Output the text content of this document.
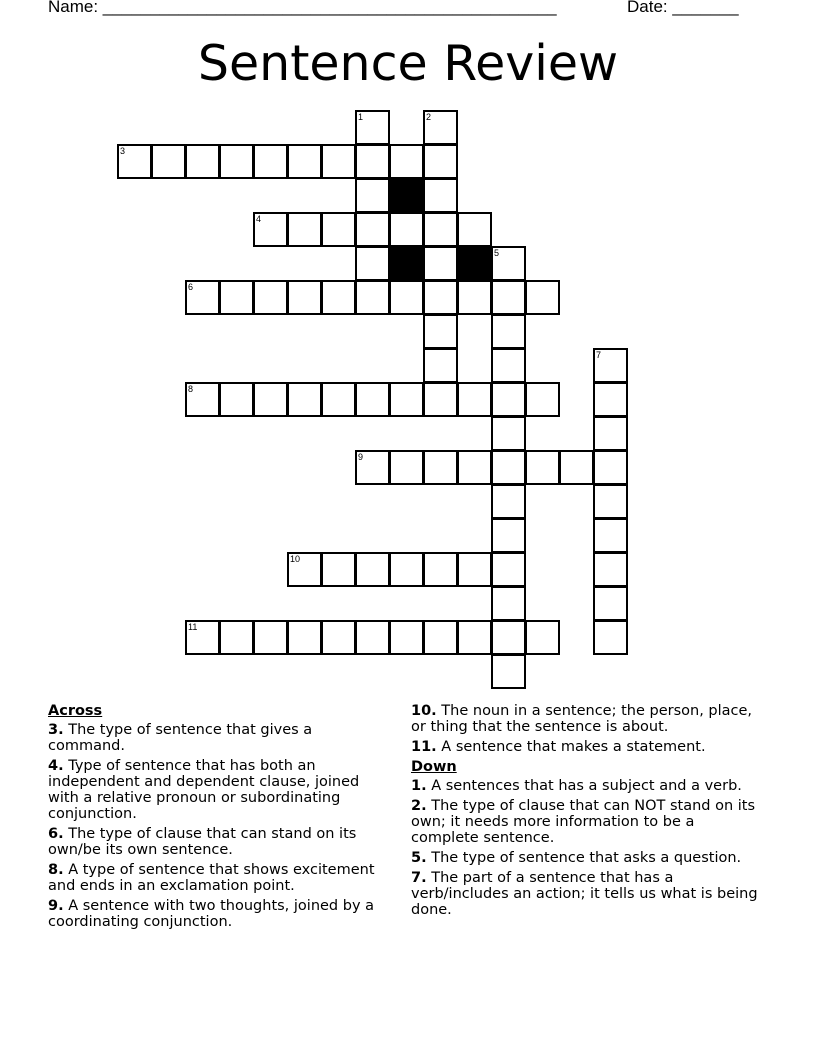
Name: ________________________________________________	Date: _______
Sentence Review
1	2
3
4
5
6
7
8
9
10
11
Across
3. The type of sentence that gives a command.
4. Type of sentence that has both an independent and dependent clause, joined with a relative pronoun or subordinating conjunction.
6. The type of clause that can stand on its own/be its own sentence.
8. A type of sentence that shows excitement and ends in an exclamation point.
9. A sentence with two thoughts, joined by a coordinating conjunction.
10. The noun in a sentence; the person, place, or thing that the sentence is about.
11. A sentence that makes a statement.
Down
1. A sentences that has a subject and a verb.
2. The type of clause that can NOT stand on its own; it needs more information to be a complete sentence.
5. The type of sentence that asks a question.
7. The part of a sentence that has a verb/includes an action; it tells us what is being done.
